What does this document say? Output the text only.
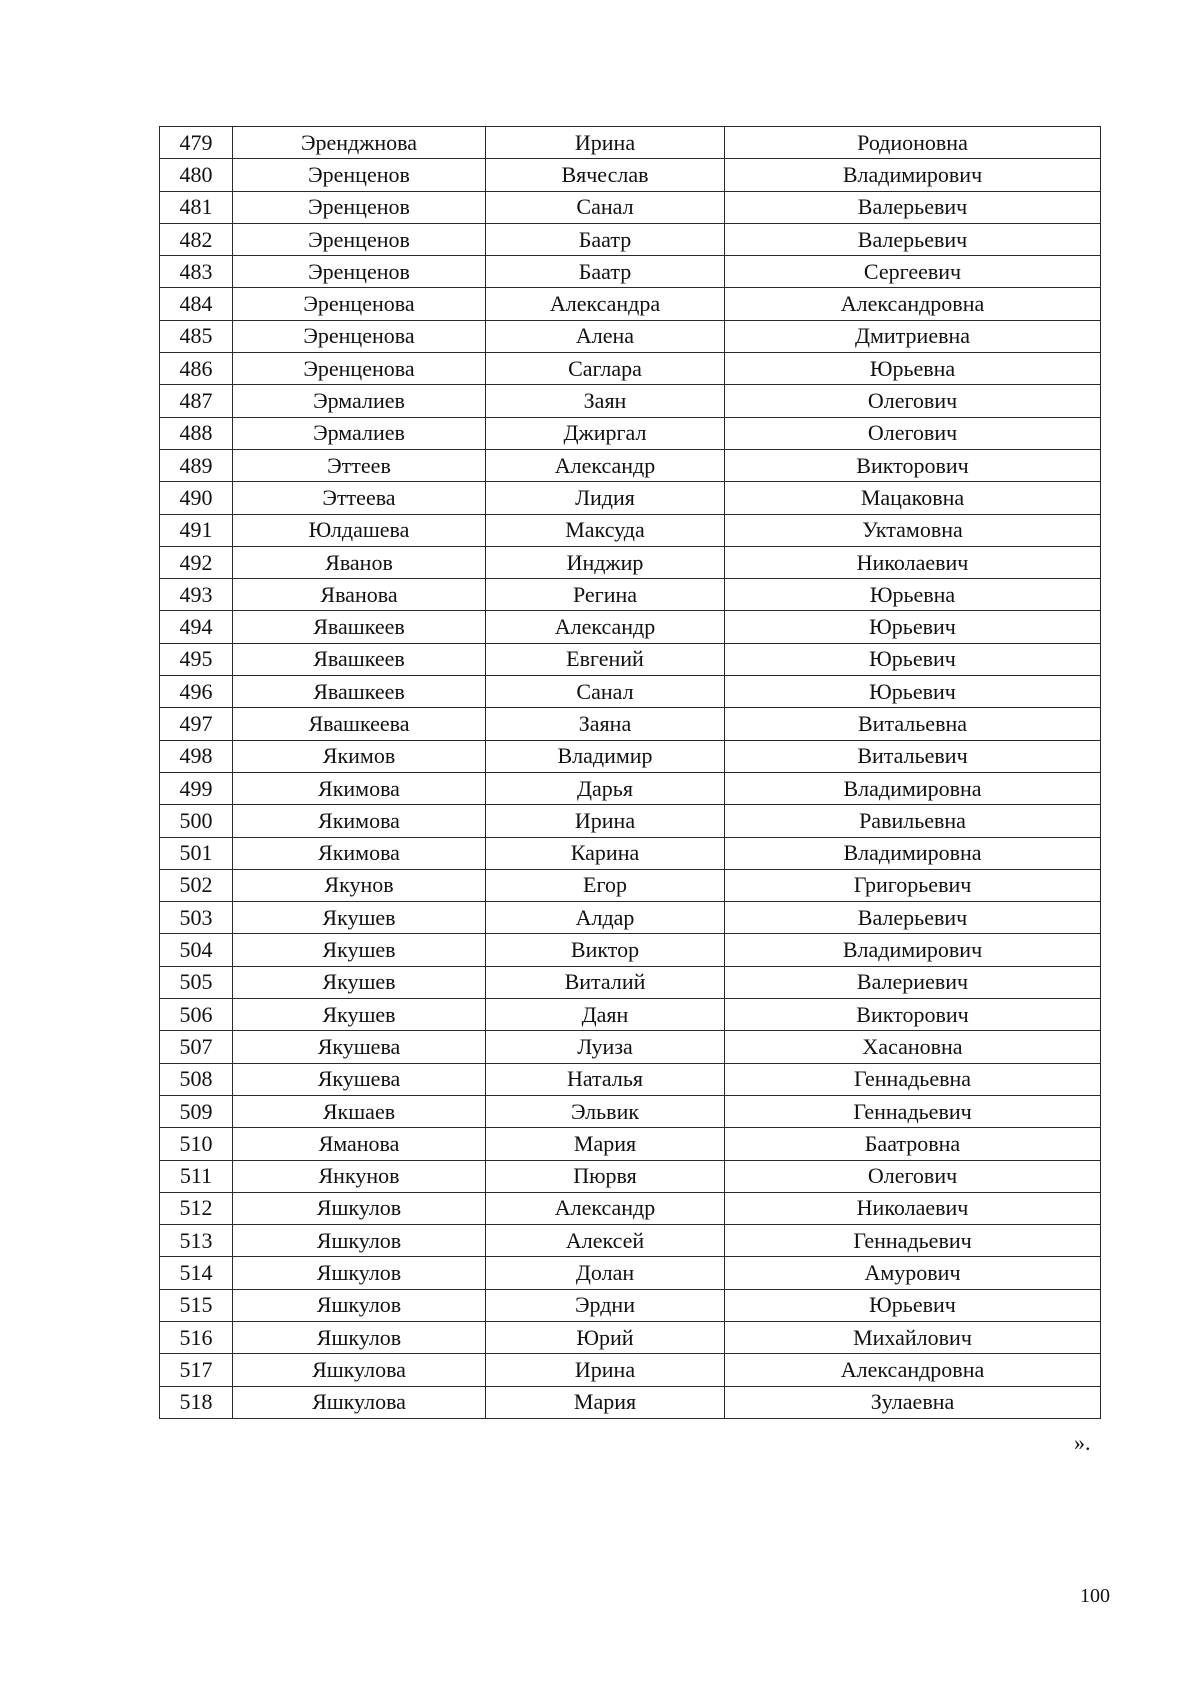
479	Эренджнова	Ирина	Родионовна
480	Эренценов	Вячеслав	Владимирович
481	Эренценов	Санал	Валерьевич
482	Эренценов	Баатр	Валерьевич
483	Эренценов	Баатр	Сергеевич
484	Эренценова	Александра	Александровна
485	Эренценова	Алена	Дмитриевна
486	Эренценова	Саглара	Юрьевна
487	Эрмалиев	Заян	Олегович
488	Эрмалиев	Джиргал	Олегович
489	Эттеев	Александр	Викторович
490	Эттеева	Лидия	Мацаковна
491	Юлдашева	Максуда	Уктамовна
492	Яванов	Инджир	Николаевич
493	Яванова	Регина	Юрьевна
494	Явашкеев	Александр	Юрьевич
495	Явашкеев	Евгений	Юрьевич
496	Явашкеев	Санал	Юрьевич
497	Явашкеева	Заяна	Витальевна
498	Якимов	Владимир	Витальевич
499	Якимова	Дарья	Владимировна
500	Якимова	Ирина	Равильевна
501	Якимова	Карина	Владимировна
502	Якунов	Егор	Григорьевич
503	Якушев	Алдар	Валерьевич
504	Якушев	Виктор	Владимирович
505	Якушев	Виталий	Валериевич
506	Якушев	Даян	Викторович
507	Якушева	Луиза	Хасановна
508	Якушева	Наталья	Геннадьевна
509	Якшаев	Эльвик	Геннадьевич
510	Яманова	Мария	Баатровна
511	Янкунов	Пюрвя	Олегович
512	Яшкулов	Александр	Николаевич
513	Яшкулов	Алексей	Геннадьевич
514	Яшкулов	Долан	Амурович
515	Яшкулов	Эрдни	Юрьевич
516	Яшкулов	Юрий	Михайлович
517	Яшкулова	Ирина	Александровна
518	Яшкулова	Мария	Зулаевна
».
100
